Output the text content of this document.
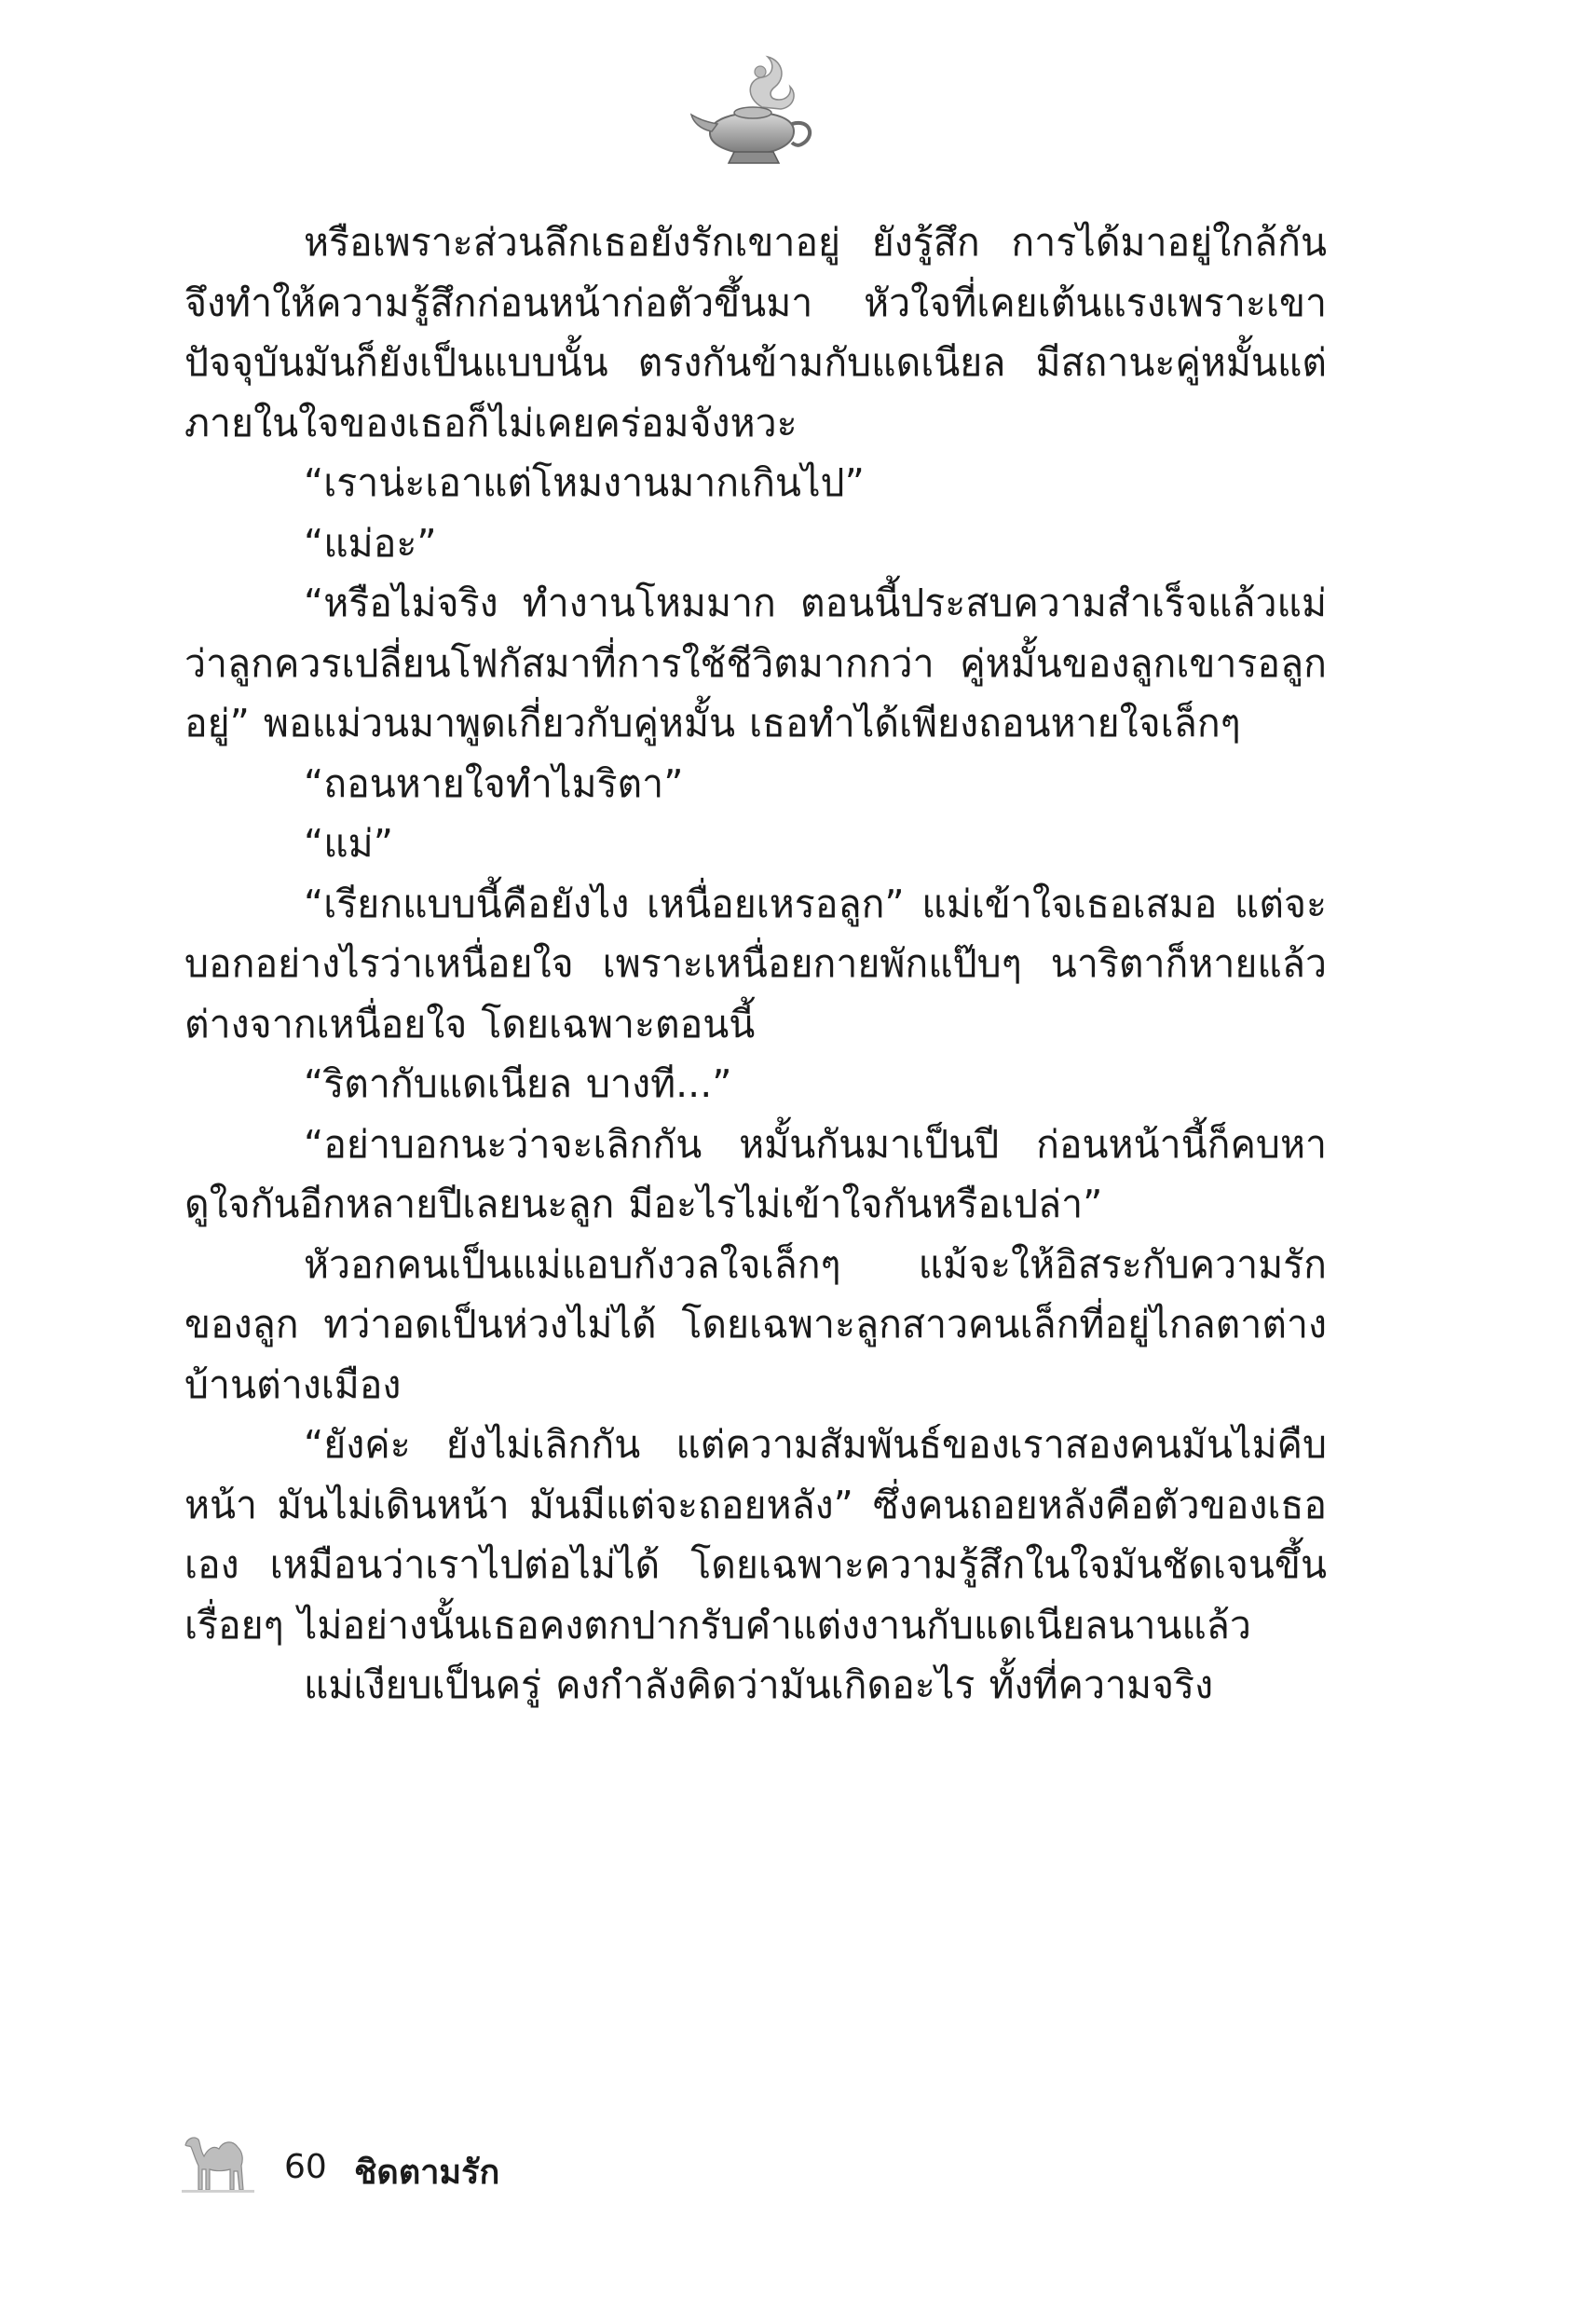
หรือเพราะส่วนลึกเธอยังรักเขาอยู่ ยังรู้สึก การได้มาอยู่ใกล้กันจึงทำให้ความรู้สึกก่อนหน้าก่อตัวขึ้นมา หัวใจที่เคยเต้นแรงเพราะเขาปัจจุบันมันก็ยังเป็นแบบนั้น ตรงกันข้ามกับแดเนียล มีสถานะคู่หมั้นแต่ภายในใจของเธอก็ไม่เคยคร่อมจังหวะ

“เราน่ะเอาแต่โหมงานมากเกินไป”

“แม่อะ”

“หรือไม่จริง ทำงานโหมมาก ตอนนี้ประสบความสำเร็จแล้วแม่ว่าลูกควรเปลี่ยนโฟกัสมาที่การใช้ชีวิตมากกว่า คู่หมั้นของลูกเขารอลูกอยู่” พอแม่วนมาพูดเกี่ยวกับคู่หมั้น เธอทำได้เพียงถอนหายใจเล็กๆ

“ถอนหายใจทำไมริตา”

“แม่”

“เรียกแบบนี้คือยังไง เหนื่อยเหรอลูก” แม่เข้าใจเธอเสมอ แต่จะบอกอย่างไรว่าเหนื่อยใจ เพราะเหนื่อยกายพักแป๊บๆ นาริตาก็หายแล้วต่างจากเหนื่อยใจ โดยเฉพาะตอนนี้

“ริตากับแดเนียล บางที...”

“อย่าบอกนะว่าจะเลิกกัน หมั้นกันมาเป็นปี ก่อนหน้านี้ก็คบหาดูใจกันอีกหลายปีเลยนะลูก มีอะไรไม่เข้าใจกันหรือเปล่า”

หัวอกคนเป็นแม่แอบกังวลใจเล็กๆ แม้จะให้อิสระกับความรักของลูก ทว่าอดเป็นห่วงไม่ได้ โดยเฉพาะลูกสาวคนเล็กที่อยู่ไกลตาต่างบ้านต่างเมือง

“ยังค่ะ ยังไม่เลิกกัน แต่ความสัมพันธ์ของเราสองคนมันไม่คืบหน้า มันไม่เดินหน้า มันมีแต่จะถอยหลัง” ซึ่งคนถอยหลังคือตัวของเธอเอง เหมือนว่าเราไปต่อไม่ได้ โดยเฉพาะความรู้สึกในใจมันชัดเจนขึ้นเรื่อยๆ ไม่อย่างนั้นเธอคงตกปากรับคำแต่งงานกับแดเนียลนานแล้ว

แม่เงียบเป็นครู่ คงกำลังคิดว่ามันเกิดอะไร ทั้งที่ความจริง

60 ชิดตามรัก
